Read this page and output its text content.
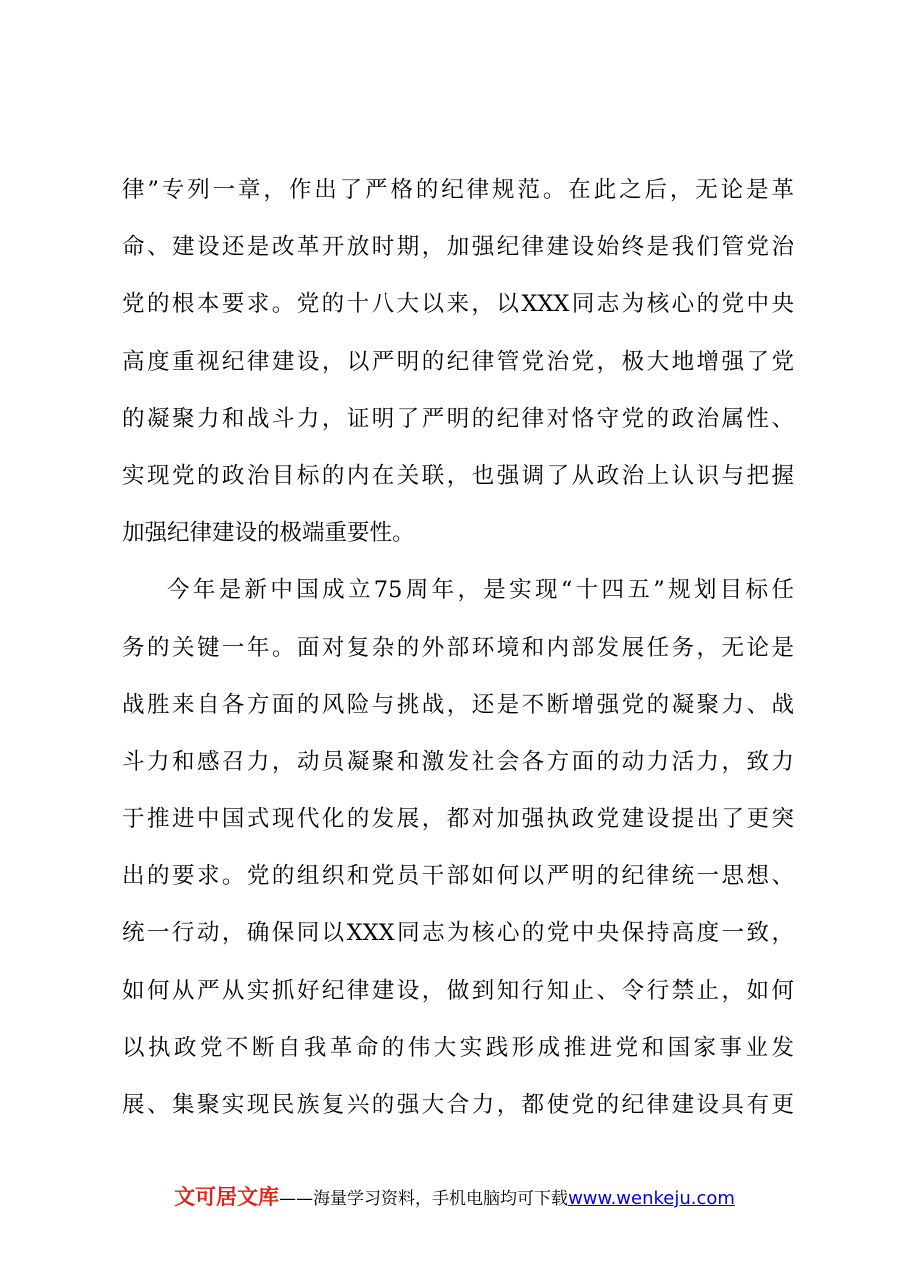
律”专列一章，作出了严格的纪律规范。在此之后，无论是革
命、建设还是改革开放时期，加强纪律建设始终是我们管党治
党的根本要求。党的十八大以来，以XXX同志为核心的党中央
高度重视纪律建设，以严明的纪律管党治党，极大地增强了党
的凝聚力和战斗力，证明了严明的纪律对恪守党的政治属性、
实现党的政治目标的内在关联，也强调了从政治上认识与把握
加强纪律建设的极端重要性。
今年是新中国成立75周年，是实现“十四五”规划目标任
务的关键一年。面对复杂的外部环境和内部发展任务，无论是
战胜来自各方面的风险与挑战，还是不断增强党的凝聚力、战
斗力和感召力，动员凝聚和激发社会各方面的动力活力，致力
于推进中国式现代化的发展，都对加强执政党建设提出了更突
出的要求。党的组织和党员干部如何以严明的纪律统一思想、
统一行动，确保同以XXX同志为核心的党中央保持高度一致，
如何从严从实抓好纪律建设，做到知行知止、令行禁止，如何
以执政党不断自我革命的伟大实践形成推进党和国家事业发
展、集聚实现民族复兴的强大合力，都使党的纪律建设具有更
文可居文库——海量学习资料，手机电脑均可下载www.wenkeju.com
